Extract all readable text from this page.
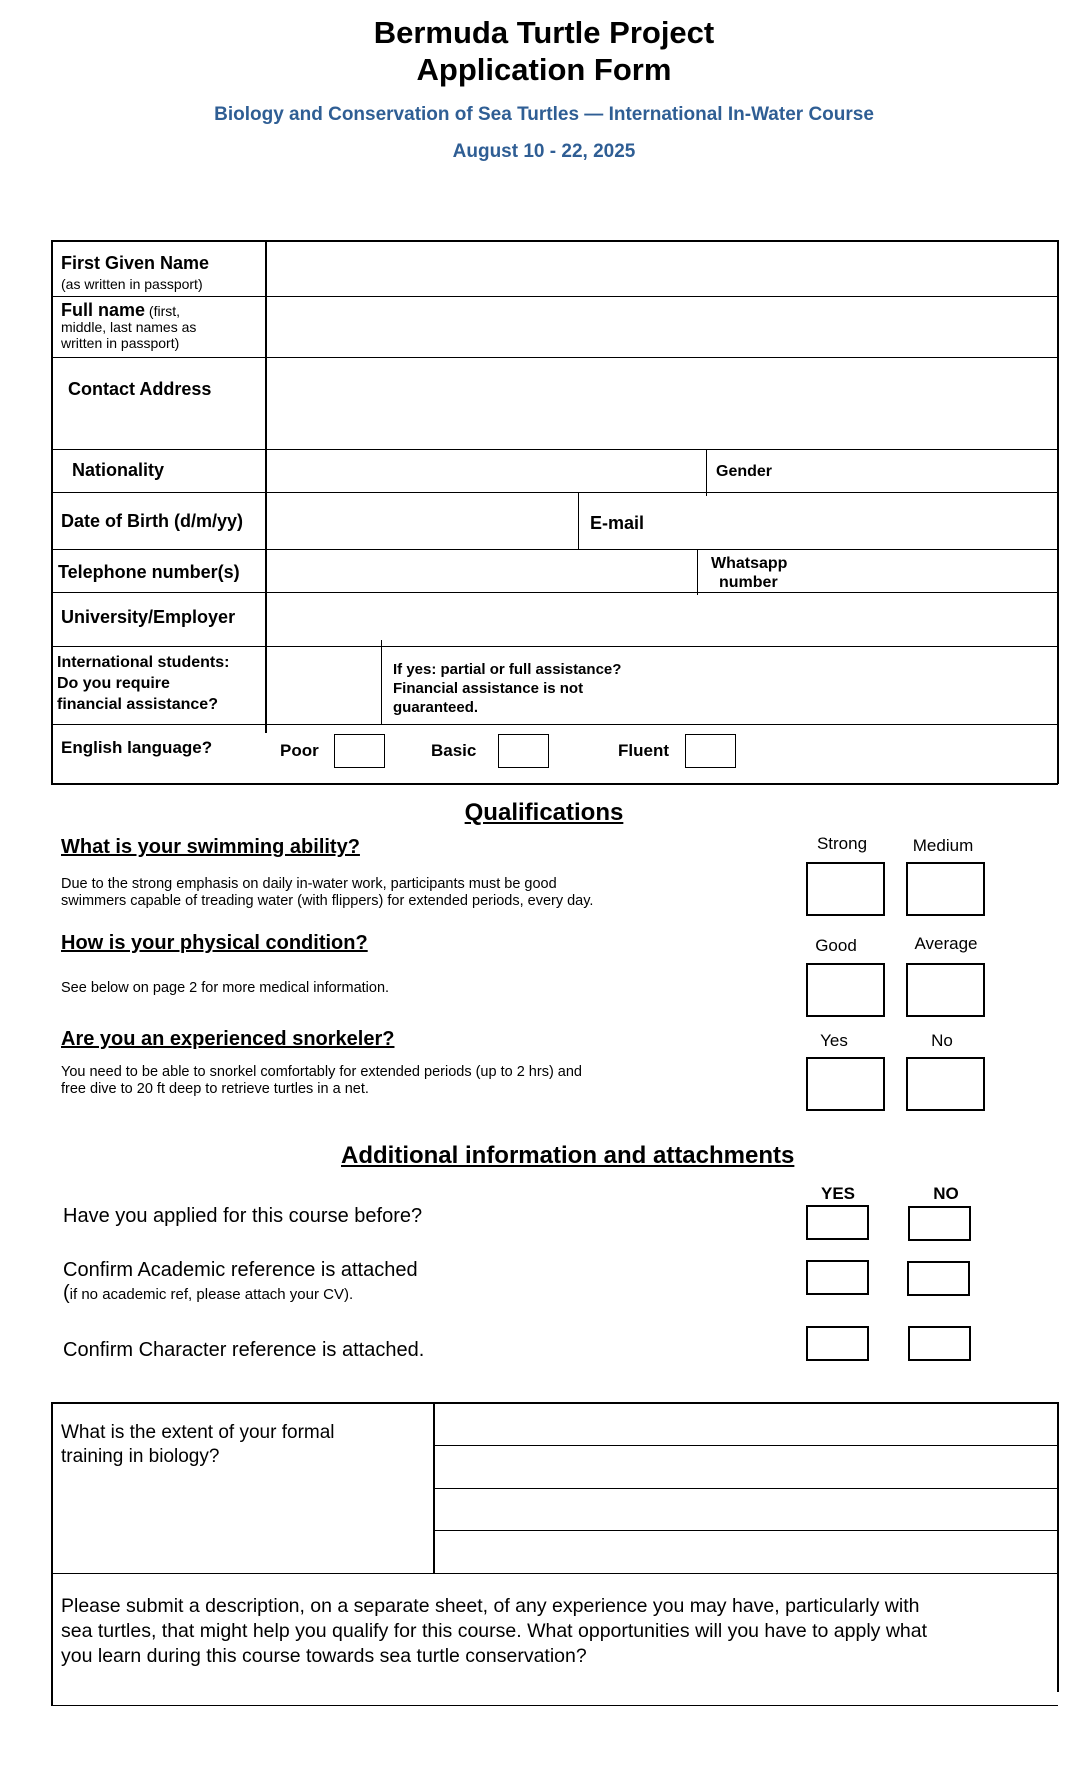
Bermuda Turtle Project
Application Form
Biology and Conservation of Sea Turtles — International In-Water Course
August 10 - 22, 2025
First Given Name
(as written in passport)
Full name (first,
middle, last names as
written in passport)
Contact Address
Nationality	Gender
Date of Birth (d/m/yy)	E-mail
Telephone number(s)	Whatsapp
number
University/Employer
International students:
Do you require
financial assistance?
If yes: partial or full assistance?
Financial assistance is not
guaranteed.
English language?	Poor	Basic	Fluent
Qualifications
What is your swimming ability?
Due to the strong emphasis on daily in-water work, participants must be good
swimmers capable of treading water (with flippers) for extended periods, every day.
Strong	Medium
How is your physical condition?
See below on page 2 for more medical information.
Good	Average
Are you an experienced snorkeler?
You need to be able to snorkel comfortably for extended periods (up to 2 hrs) and
free dive to 20 ft deep to retrieve turtles in a net.
Yes	No
Additional information and attachments
YES	NO
Have you applied for this course before?
Confirm Academic reference is attached
(if no academic ref, please attach your CV).
Confirm Character reference is attached.
What is the extent of your formal
training in biology?
Please submit a description, on a separate sheet, of any experience you may have, particularly with
sea turtles, that might help you qualify for this course. What opportunities will you have to apply what
you learn during this course towards sea turtle conservation?
